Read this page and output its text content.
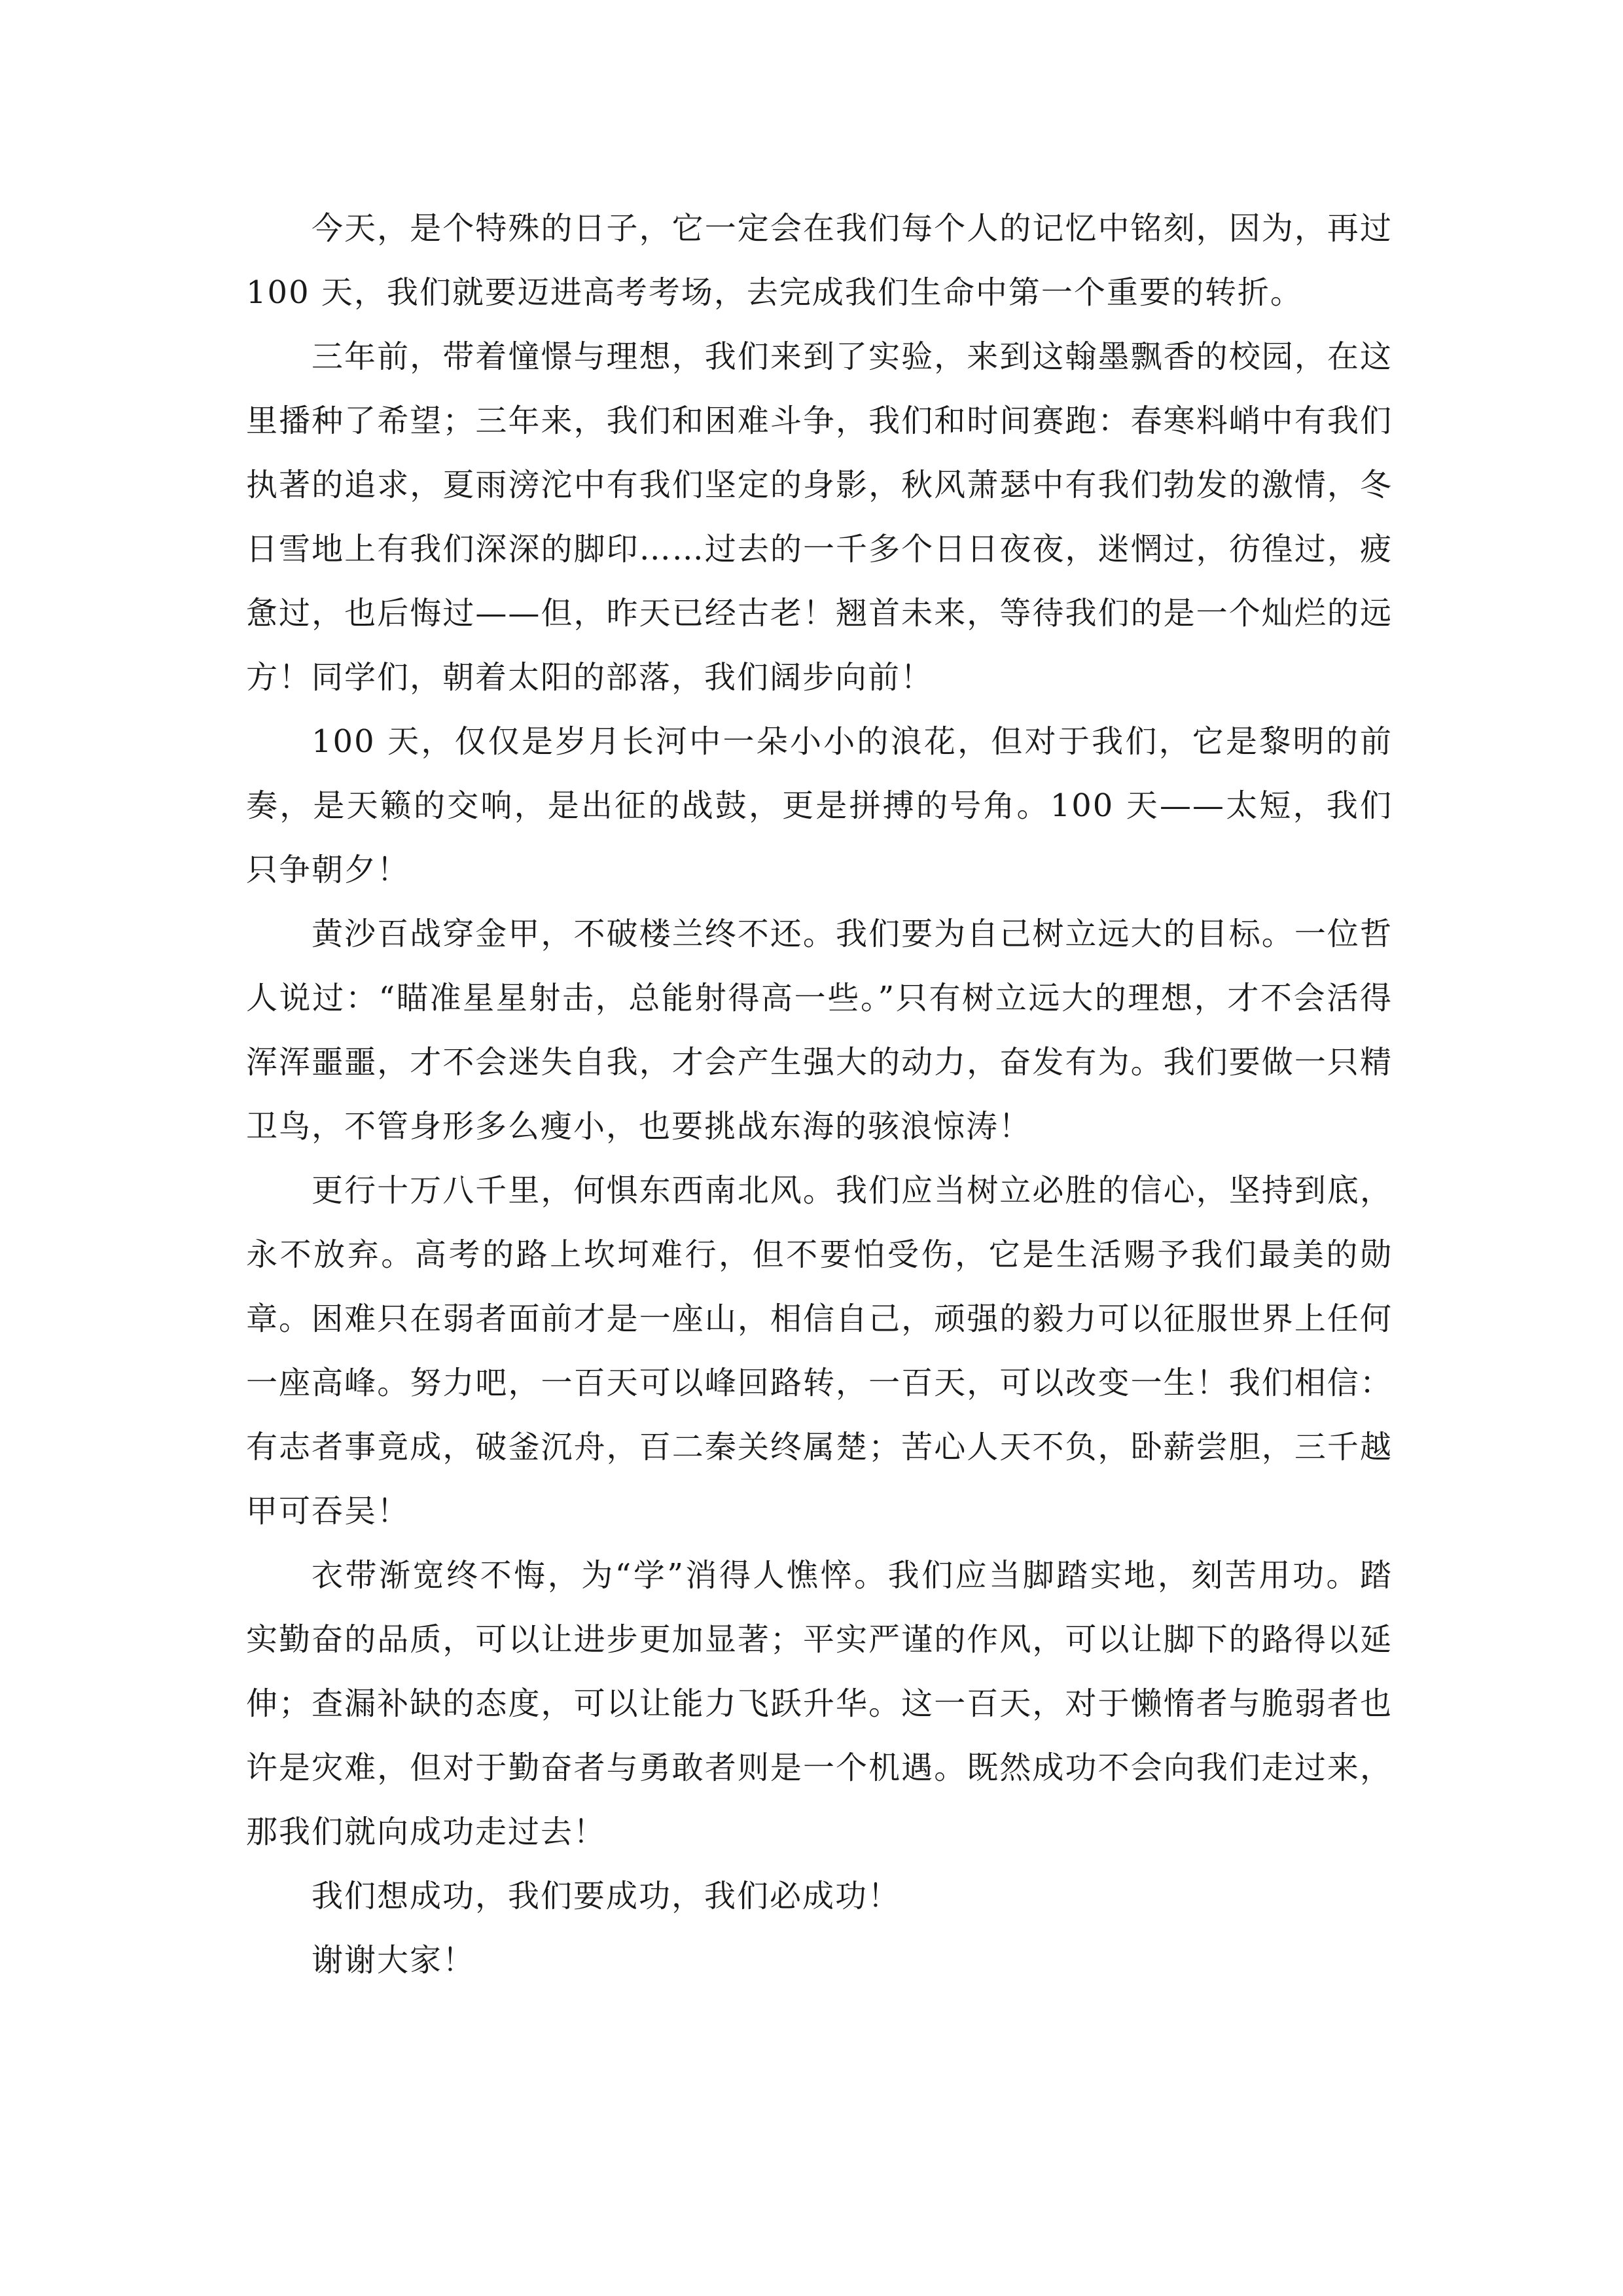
今天，是个特殊的日子，它一定会在我们每个人的记忆中铭刻，因为，再过 100 天，我们就要迈进高考考场，去完成我们生命中第一个重要的转折。

三年前，带着憧憬与理想，我们来到了实验，来到这翰墨飘香的校园，在这里播种了希望；三年来，我们和困难斗争，我们和时间赛跑：春寒料峭中有我们执著的追求，夏雨滂沱中有我们坚定的身影，秋风萧瑟中有我们勃发的激情，冬日雪地上有我们深深的脚印……过去的一千多个日日夜夜，迷惘过，彷徨过，疲惫过，也后悔过——但，昨天已经古老！翘首未来，等待我们的是一个灿烂的远方！同学们，朝着太阳的部落，我们阔步向前！

100 天，仅仅是岁月长河中一朵小小的浪花，但对于我们，它是黎明的前奏，是天籁的交响，是出征的战鼓，更是拼搏的号角。100 天——太短，我们只争朝夕！

黄沙百战穿金甲，不破楼兰终不还。我们要为自己树立远大的目标。一位哲人说过：“瞄准星星射击，总能射得高一些。”只有树立远大的理想，才不会活得浑浑噩噩，才不会迷失自我，才会产生强大的动力，奋发有为。我们要做一只精卫鸟，不管身形多么瘦小，也要挑战东海的骇浪惊涛！

更行十万八千里，何惧东西南北风。我们应当树立必胜的信心，坚持到底，永不放弃。高考的路上坎坷难行，但不要怕受伤，它是生活赐予我们最美的勋章。困难只在弱者面前才是一座山，相信自己，顽强的毅力可以征服世界上任何一座高峰。努力吧，一百天可以峰回路转，一百天，可以改变一生！我们相信：有志者事竟成，破釜沉舟，百二秦关终属楚；苦心人天不负，卧薪尝胆，三千越甲可吞吴！

衣带渐宽终不悔，为“学”消得人憔悴。我们应当脚踏实地，刻苦用功。踏实勤奋的品质，可以让进步更加显著；平实严谨的作风，可以让脚下的路得以延伸；查漏补缺的态度，可以让能力飞跃升华。这一百天，对于懒惰者与脆弱者也许是灾难，但对于勤奋者与勇敢者则是一个机遇。既然成功不会向我们走过来，那我们就向成功走过去！

我们想成功，我们要成功，我们必成功！

谢谢大家！
